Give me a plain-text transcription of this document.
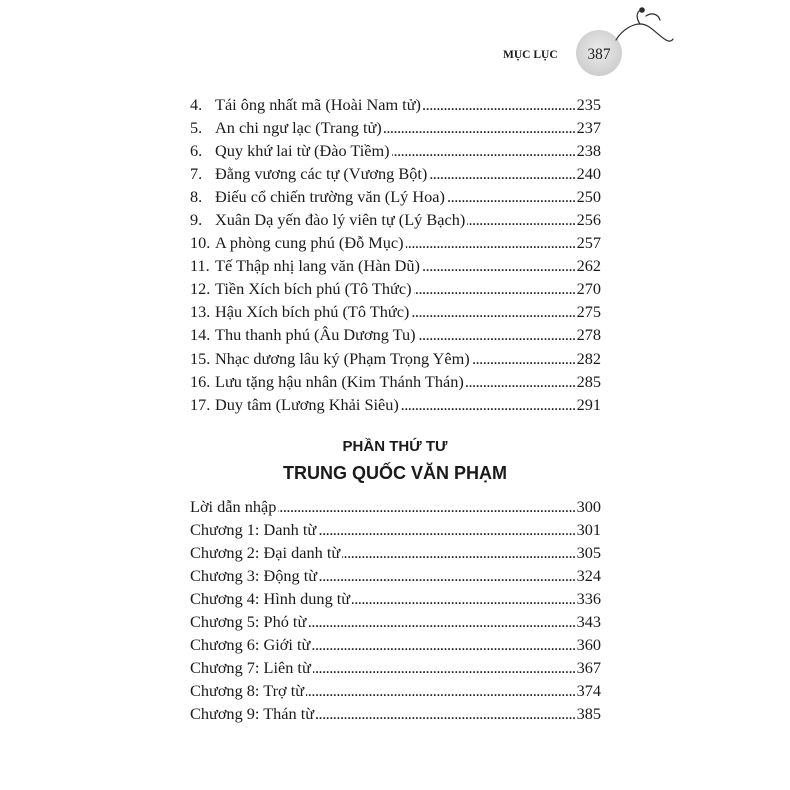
MỤC LỤC	387
4. Tái ông nhất mã (Hoài Nam tử) .....	235
5. An chi ngư lạc (Trang tử) .....	237
6. Quy khứ lai từ (Đào Tiềm) .....	238
7. Đằng vương các tự (Vương Bột) .....	240
8. Điếu cổ chiến trường văn (Lý Hoa) .....	250
9. Xuân Dạ yến đào lý viên tự (Lý Bạch) .....	256
10. A phòng cung phú (Đỗ Mục) .....	257
11. Tế Thập nhị lang văn (Hàn Dũ) .....	262
12. Tiền Xích bích phú (Tô Thức) .....	270
13. Hậu Xích bích phú (Tô Thức) .....	275
14. Thu thanh phú (Âu Dương Tu) .....	278
15. Nhạc dương lâu ký (Phạm Trọng Yêm) .....	282
16. Lưu tặng hậu nhân (Kim Thánh Thán) .....	285
17. Duy tâm (Lương Khải Siêu) .....	291
PHẦN THỨ TƯ
TRUNG QUỐC VĂN PHẠM
Lời dẫn nhập .....	300
Chương 1: Danh từ .....	301
Chương 2: Đại danh từ .....	305
Chương 3: Động từ .....	324
Chương 4: Hình dung từ .....	336
Chương 5: Phó từ .....	343
Chương 6: Giới từ .....	360
Chương 7: Liên từ .....	367
Chương 8: Trợ từ .....	374
Chương 9: Thán từ .....	385
